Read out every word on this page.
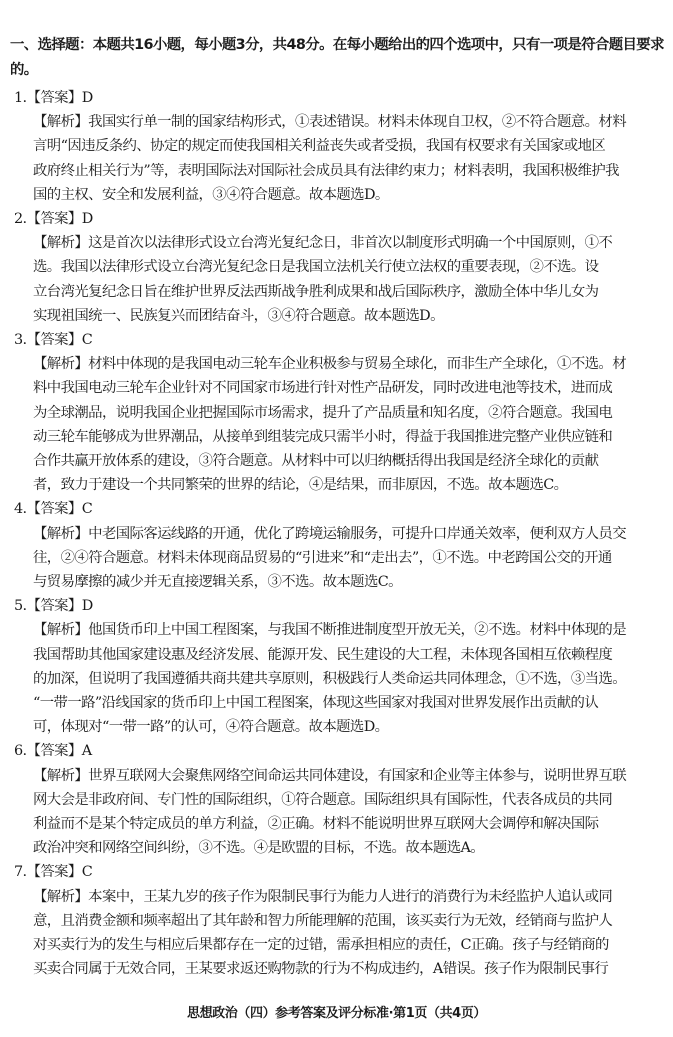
一、选择题：本题共16小题，每小题3分，共48分。在每小题给出的四个选项中，只有一项是符合题目要求的。

1.【答案】D
【解析】我国实行单一制的国家结构形式，①表述错误。材料未体现自卫权，②不符合题意。材料
言明“因违反条约、协定的规定而使我国相关利益丧失或者受损，我国有权要求有关国家或地区
政府终止相关行为”等，表明国际法对国际社会成员具有法律约束力；材料表明，我国积极维护我
国的主权、安全和发展利益，③④符合题意。故本题选D。
2.【答案】D
【解析】这是首次以法律形式设立台湾光复纪念日，非首次以制度形式明确一个中国原则，①不
选。我国以法律形式设立台湾光复纪念日是我国立法机关行使立法权的重要表现，②不选。设
立台湾光复纪念日旨在维护世界反法西斯战争胜利成果和战后国际秩序，激励全体中华儿女为
实现祖国统一、民族复兴而团结奋斗，③④符合题意。故本题选D。
3.【答案】C
【解析】材料中体现的是我国电动三轮车企业积极参与贸易全球化，而非生产全球化，①不选。材
料中我国电动三轮车企业针对不同国家市场进行针对性产品研发，同时改进电池等技术，进而成
为全球潮品，说明我国企业把握国际市场需求，提升了产品质量和知名度，②符合题意。我国电
动三轮车能够成为世界潮品，从接单到组装完成只需半小时，得益于我国推进完整产业供应链和
合作共赢开放体系的建设，③符合题意。从材料中可以归纳概括得出我国是经济全球化的贡献
者，致力于建设一个共同繁荣的世界的结论，④是结果，而非原因，不选。故本题选C。
4.【答案】C
【解析】中老国际客运线路的开通，优化了跨境运输服务，可提升口岸通关效率，便利双方人员交
往，②④符合题意。材料未体现商品贸易的“引进来”和“走出去”，①不选。中老跨国公交的开通
与贸易摩擦的减少并无直接逻辑关系，③不选。故本题选C。
5.【答案】D
【解析】他国货币印上中国工程图案，与我国不断推进制度型开放无关，②不选。材料中体现的是
我国帮助其他国家建设惠及经济发展、能源开发、民生建设的大工程，未体现各国相互依赖程度
的加深，但说明了我国遵循共商共建共享原则，积极践行人类命运共同体理念，①不选，③当选。
“一带一路”沿线国家的货币印上中国工程图案，体现这些国家对我国对世界发展作出贡献的认
可，体现对“一带一路”的认可，④符合题意。故本题选D。
6.【答案】A
【解析】世界互联网大会聚焦网络空间命运共同体建设，有国家和企业等主体参与，说明世界互联
网大会是非政府间、专门性的国际组织，①符合题意。国际组织具有国际性，代表各成员的共同
利益而不是某个特定成员的单方利益，②正确。材料不能说明世界互联网大会调停和解决国际
政治冲突和网络空间纠纷，③不选。④是欧盟的目标，不选。故本题选A。
7.【答案】C
【解析】本案中，王某九岁的孩子作为限制民事行为能力人进行的消费行为未经监护人追认或同
意，且消费金额和频率超出了其年龄和智力所能理解的范围，该买卖行为无效，经销商与监护人
对买卖行为的发生与相应后果都存在一定的过错，需承担相应的责任，C正确。孩子与经销商的
买卖合同属于无效合同，王某要求返还购物款的行为不构成违约，A错误。孩子作为限制民事行
思想政治（四）参考答案及评分标准·第1页（共4页）
